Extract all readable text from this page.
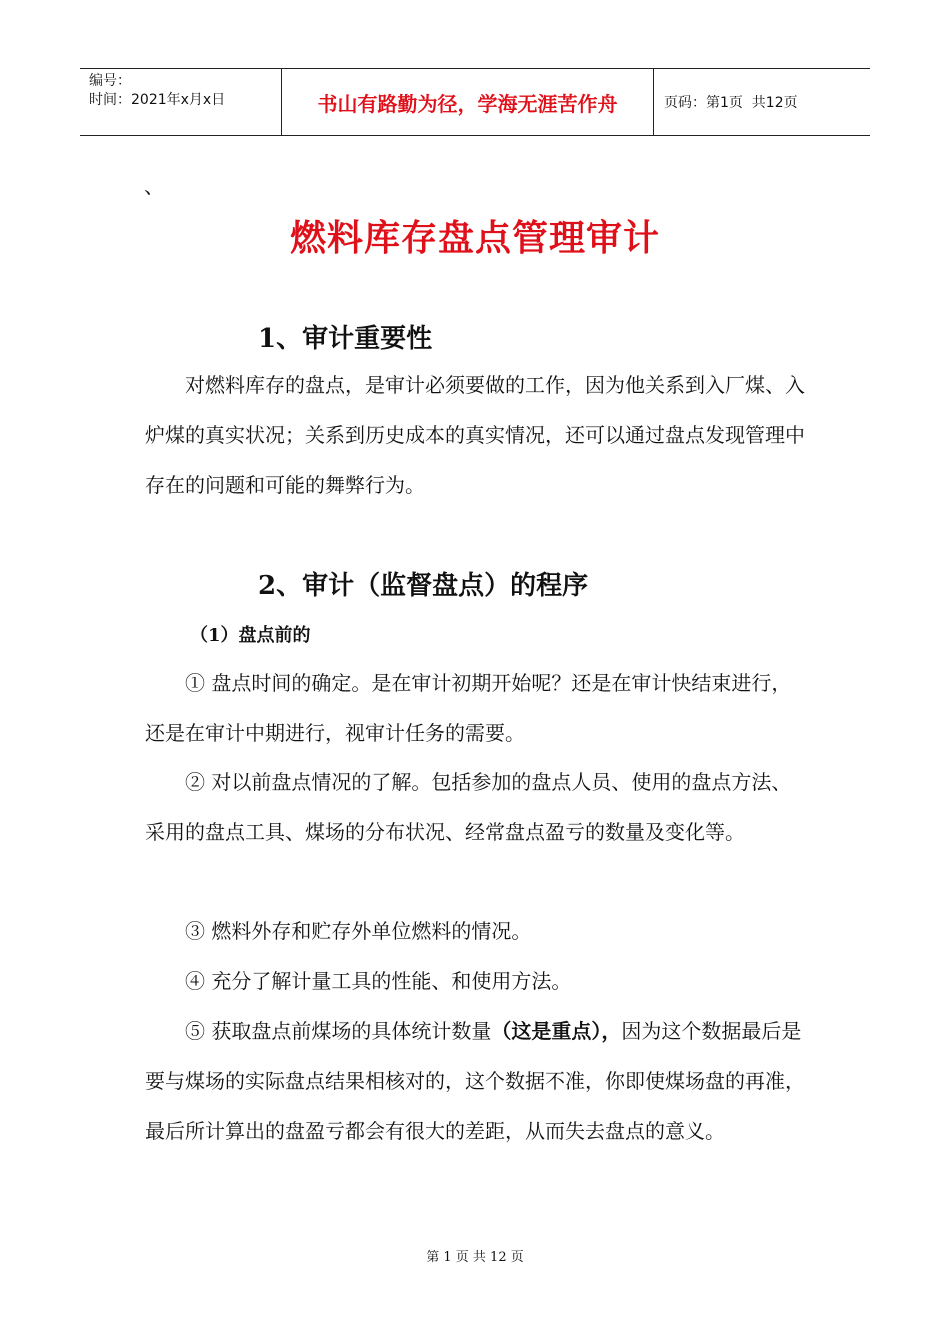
编号：
时间：2021年x月x日	书山有路勤为径，学海无涯苦作舟	页码：第1页  共12页
、
燃料库存盘点管理审计
1、审计重要性

对燃料库存的盘点，是审计必须要做的工作，因为他关系到入厂煤、入炉煤的真实状况；关系到历史成本的真实情况，还可以通过盘点发现管理中存在的问题和可能的舞弊行为。

2、审计（监督盘点）的程序
（1）盘点前的

① 盘点时间的确定。是在审计初期开始呢？还是在审计快结束进行，还是在审计中期进行，视审计任务的需要。

② 对以前盘点情况的了解。包括参加的盘点人员、使用的盘点方法、采用的盘点工具、煤场的分布状况、经常盘点盈亏的数量及变化等。

③ 燃料外存和贮存外单位燃料的情况。

④ 充分了解计量工具的性能、和使用方法。

⑤ 获取盘点前煤场的具体统计数量（这是重点），因为这个数据最后是要与煤场的实际盘点结果相核对的，这个数据不准，你即使煤场盘的再准，最后所计算出的盘盈亏都会有很大的差距，从而失去盘点的意义。

第 1 页 共 12 页
